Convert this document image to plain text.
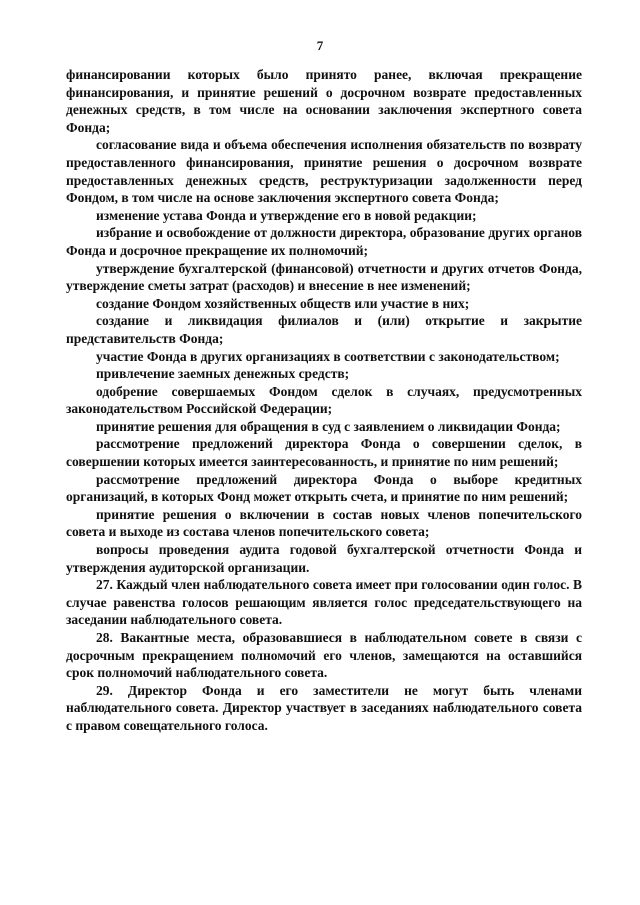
7

финансировании которых было принято ранее, включая прекращение финансирования, и принятие решений о досрочном возврате предоставленных денежных средств, в том числе на основании заключения экспертного совета Фонда;

согласование вида и объема обеспечения исполнения обязательств по возврату предоставленного финансирования, принятие решения о досрочном возврате предоставленных денежных средств, реструктуризации задолженности перед Фондом, в том числе на основе заключения экспертного совета Фонда;

изменение устава Фонда и утверждение его в новой редакции;

избрание и освобождение от должности директора, образование других органов Фонда и досрочное прекращение их полномочий;

утверждение бухгалтерской (финансовой) отчетности и других отчетов Фонда, утверждение сметы затрат (расходов) и внесение в нее изменений;

создание Фондом хозяйственных обществ или участие в них;

создание и ликвидация филиалов и (или) открытие и закрытие представительств Фонда;

участие Фонда в других организациях в соответствии с законодательством;

привлечение заемных денежных средств;

одобрение совершаемых Фондом сделок в случаях, предусмотренных законодательством Российской Федерации;

принятие решения для обращения в суд с заявлением о ликвидации Фонда;

рассмотрение предложений директора Фонда о совершении сделок, в совершении которых имеется заинтересованность, и принятие по ним решений;

рассмотрение предложений директора Фонда о выборе кредитных организаций, в которых Фонд может открыть счета, и принятие по ним решений;

принятие решения о включении в состав новых членов попечительского совета и выходе из состава членов попечительского совета;

вопросы проведения аудита годовой бухгалтерской отчетности Фонда и утверждения аудиторской организации.

27. Каждый член наблюдательного совета имеет при голосовании один голос. В случае равенства голосов решающим является голос председательствующего на заседании наблюдательного совета.

28. Вакантные места, образовавшиеся в наблюдательном совете в связи с досрочным прекращением полномочий его членов, замещаются на оставшийся срок полномочий наблюдательного совета.

29. Директор Фонда и его заместители не могут быть членами наблюдательного совета. Директор участвует в заседаниях наблюдательного совета с правом совещательного голоса.
